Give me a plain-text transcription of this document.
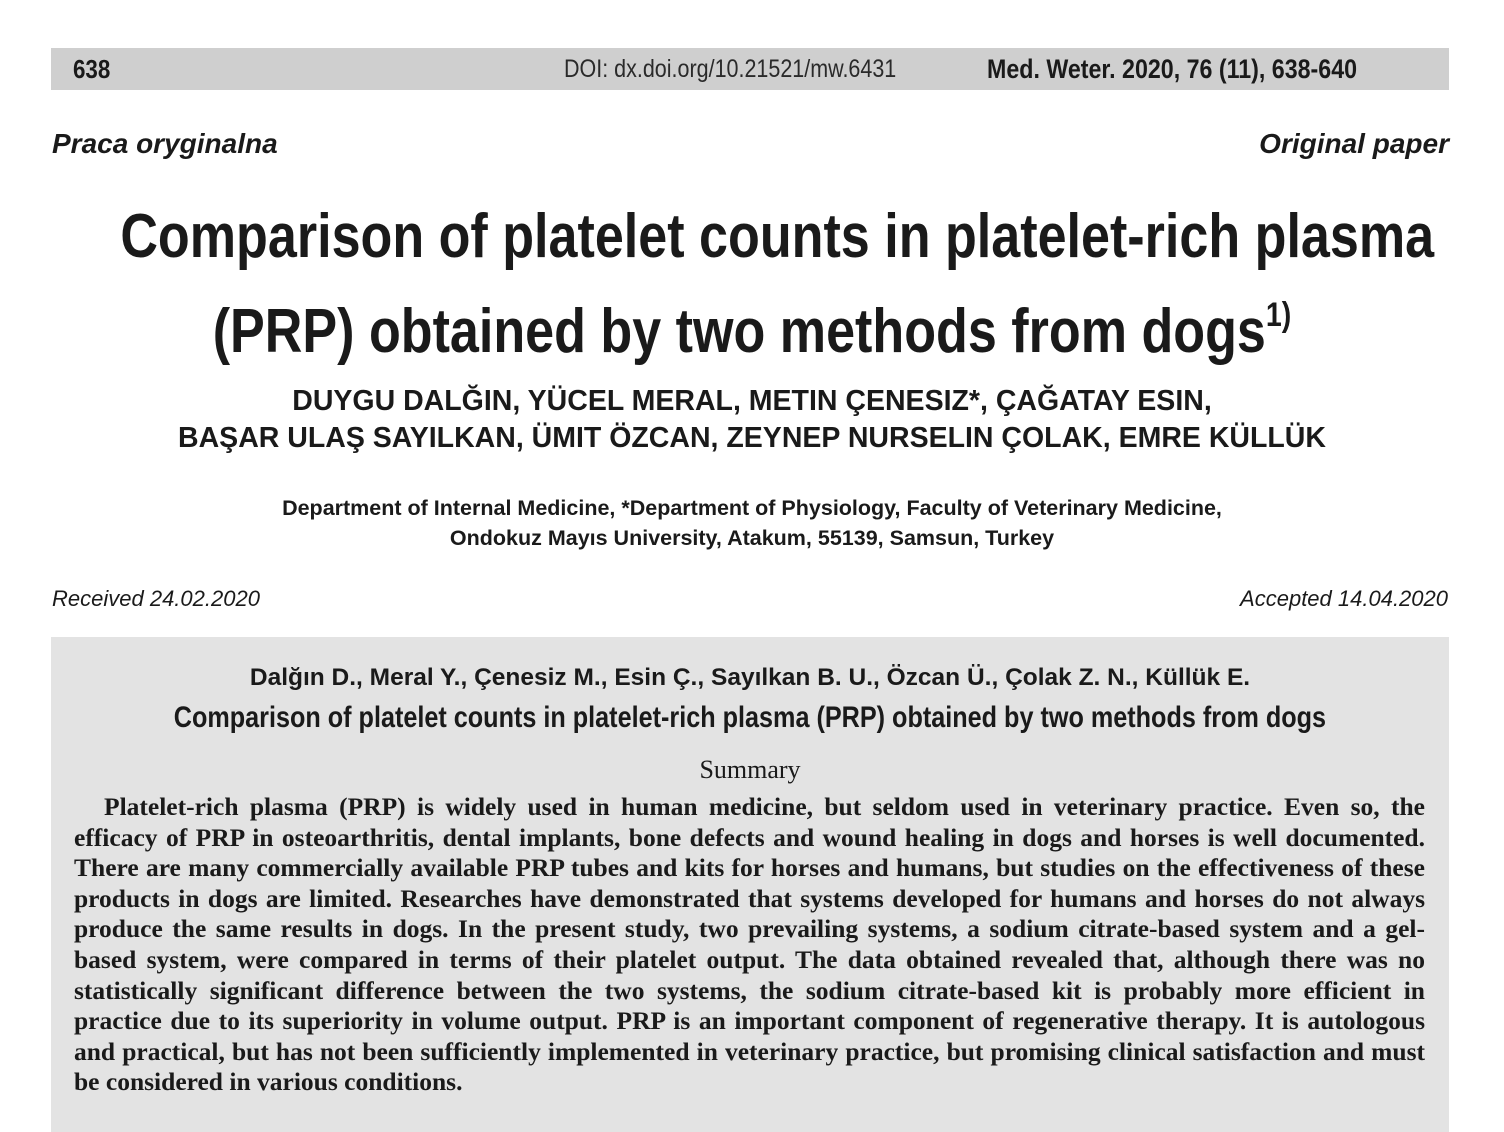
638	DOI: dx.doi.org/10.21521/mw.6431	Med. Weter. 2020, 76 (11), 638-640
Praca oryginalna	Original paper
Comparison of platelet counts in platelet-rich plasma
(PRP) obtained by two methods from dogs$^{1)}$
DUYGU DALĞIN, YÜCEL MERAL, METIN ÇENESIZ*, ÇAĞATAY ESIN,
BAŞAR ULAŞ SAYILKAN, ÜMIT ÖZCAN, ZEYNEP NURSELIN ÇOLAK, EMRE KÜLLÜK
Department of Internal Medicine, *Department of Physiology, Faculty of Veterinary Medicine,
Ondokuz Mayıs University, Atakum, 55139, Samsun, Turkey
Received 24.02.2020	Accepted 14.04.2020
Dalğın D., Meral Y., Çenesiz M., Esin Ç., Sayılkan B. U., Özcan Ü., Çolak Z. N., Küllük E.
Comparison of platelet counts in platelet-rich plasma (PRP) obtained by two methods from dogs
Summary

Platelet-rich plasma (PRP) is widely used in human medicine, but seldom used in veterinary practice. Even so, the efficacy of PRP in osteoarthritis, dental implants, bone defects and wound healing in dogs and horses is well documented. There are many commercially available PRP tubes and kits for horses and humans, but studies on the effectiveness of these products in dogs are limited. Researches have demonstrated that systems developed for humans and horses do not always produce the same results in dogs. In the present study, two prevailing systems, a sodium citrate-based system and a gel-based system, were compared in terms of their platelet output. The data obtained revealed that, although there was no statistically significant difference between the two systems, the sodium citrate-based kit is probably more efficient in practice due to its superiority in volume output. PRP is an important component of regenerative therapy. It is autologous and practical, but has not been sufficiently implemented in veterinary practice, but promising clinical satisfaction and must be considered in various conditions.
